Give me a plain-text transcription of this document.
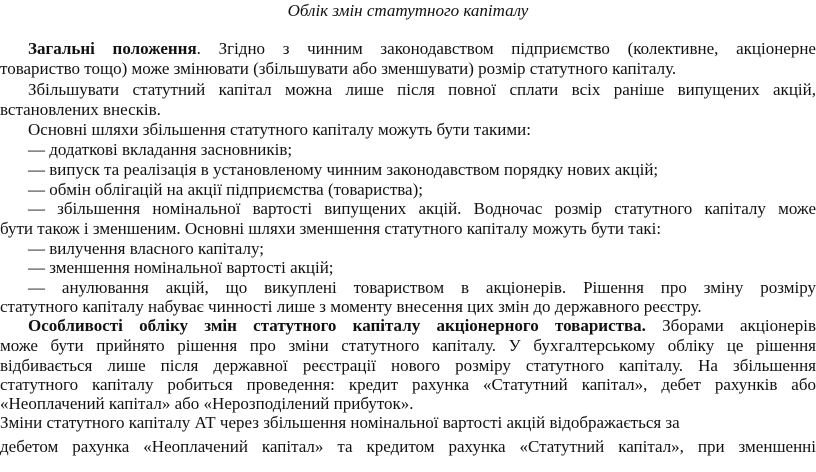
Облік змін статутного капіталу
Загальні положення. Згідно з чинним законодавством підприємство (колективне, акціонерне
товариство тощо) може змінювати (збільшувати або зменшувати) розмір статутного капіталу.
Збільшувати статутний капітал можна лише після повної сплати всіх раніше випущених акцій,
встановлених внесків.
Основні шляхи збільшення статутного капіталу можуть бути такими:
— додаткові вкладання засновників;
— випуск та реалізація в установленому чинним законодавством порядку нових акцій;
— обмін облігацій на акції підприємства (товариства);
— збільшення номінальної вартості випущених акцій. Водночас розмір статутного капіталу може
бути також і зменшеним. Основні шляхи зменшення статутного капіталу можуть бути такі:
— вилучення власного капіталу;
— зменшення номінальної вартості акцій;
— анулювання акцій, що викуплені товариством в акціонерів. Рішення про зміну розміру
статутного капіталу набуває чинності лише з моменту внесення цих змін до державного реєстру.
Особливості обліку змін статутного капіталу акціонерного товариства. Зборами акціонерів
може бути прийнято рішення про зміни статутного капіталу. У бухгалтерському обліку це рішення
відбивається лише після державної реєстрації нового розміру статутного капіталу. На збільшення
статутного капіталу робиться проведення: кредит рахунка «Статутний капітал», дебет рахунків або
«Неоплачений капітал» або «Нерозподілений прибуток».
Зміни статутного капіталу АТ через збільшення номінальної вартості акцій відображається за
дебетом рахунка «Неоплачений капітал» та кредитом рахунка «Статутний капітал», при зменшенні
